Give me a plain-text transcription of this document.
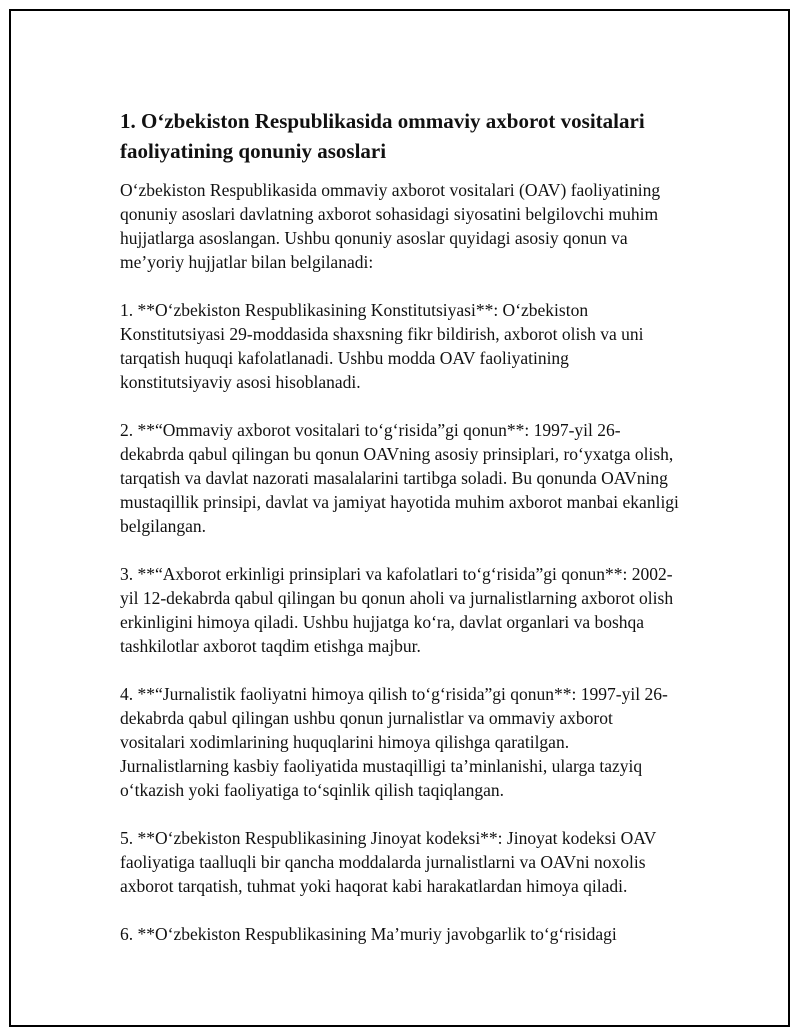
1. O‘zbekiston Respublikasida ommaviy axborot vositalari faoliyatining qonuniy asoslari

O‘zbekiston Respublikasida ommaviy axborot vositalari (OAV) faoliyatining qonuniy asoslari davlatning axborot sohasidagi siyosatini belgilovchi muhim hujjatlarga asoslangan. Ushbu qonuniy asoslar quyidagi asosiy qonun va me’yoriy hujjatlar bilan belgilanadi:

1. **O‘zbekiston Respublikasining Konstitutsiyasi**: O‘zbekiston Konstitutsiyasi 29-moddasida shaxsning fikr bildirish, axborot olish va uni tarqatish huquqi kafolatlanadi. Ushbu modda OAV faoliyatining konstitutsiyaviy asosi hisoblanadi.

2. **“Ommaviy axborot vositalari to‘g‘risida”gi qonun**: 1997-yil 26-dekabrda qabul qilingan bu qonun OAVning asosiy prinsiplari, ro‘yxatga olish, tarqatish va davlat nazorati masalalarini tartibga soladi. Bu qonunda OAVning mustaqillik prinsipi, davlat va jamiyat hayotida muhim axborot manbai ekanligi belgilangan.

3. **“Axborot erkinligi prinsiplari va kafolatlari to‘g‘risida”gi qonun**: 2002-yil 12-dekabrda qabul qilingan bu qonun aholi va jurnalistlarning axborot olish erkinligini himoya qiladi. Ushbu hujjatga ko‘ra, davlat organlari va boshqa tashkilotlar axborot taqdim etishga majbur.

4. **“Jurnalistik faoliyatni himoya qilish to‘g‘risida”gi qonun**: 1997-yil 26-dekabrda qabul qilingan ushbu qonun jurnalistlar va ommaviy axborot vositalari xodimlarining huquqlarini himoya qilishga qaratilgan. Jurnalistlarning kasbiy faoliyatida mustaqilligi ta’minlanishi, ularga tazyiq o‘tkazish yoki faoliyatiga to‘sqinlik qilish taqiqlangan.

5. **O‘zbekiston Respublikasining Jinoyat kodeksi**: Jinoyat kodeksi OAV faoliyatiga taalluqli bir qancha moddalarda jurnalistlarni va OAVni noxolis axborot tarqatish, tuhmat yoki haqorat kabi harakatlardan himoya qiladi.

6. **O‘zbekiston Respublikasining Ma’muriy javobgarlik to‘g‘risidagi
